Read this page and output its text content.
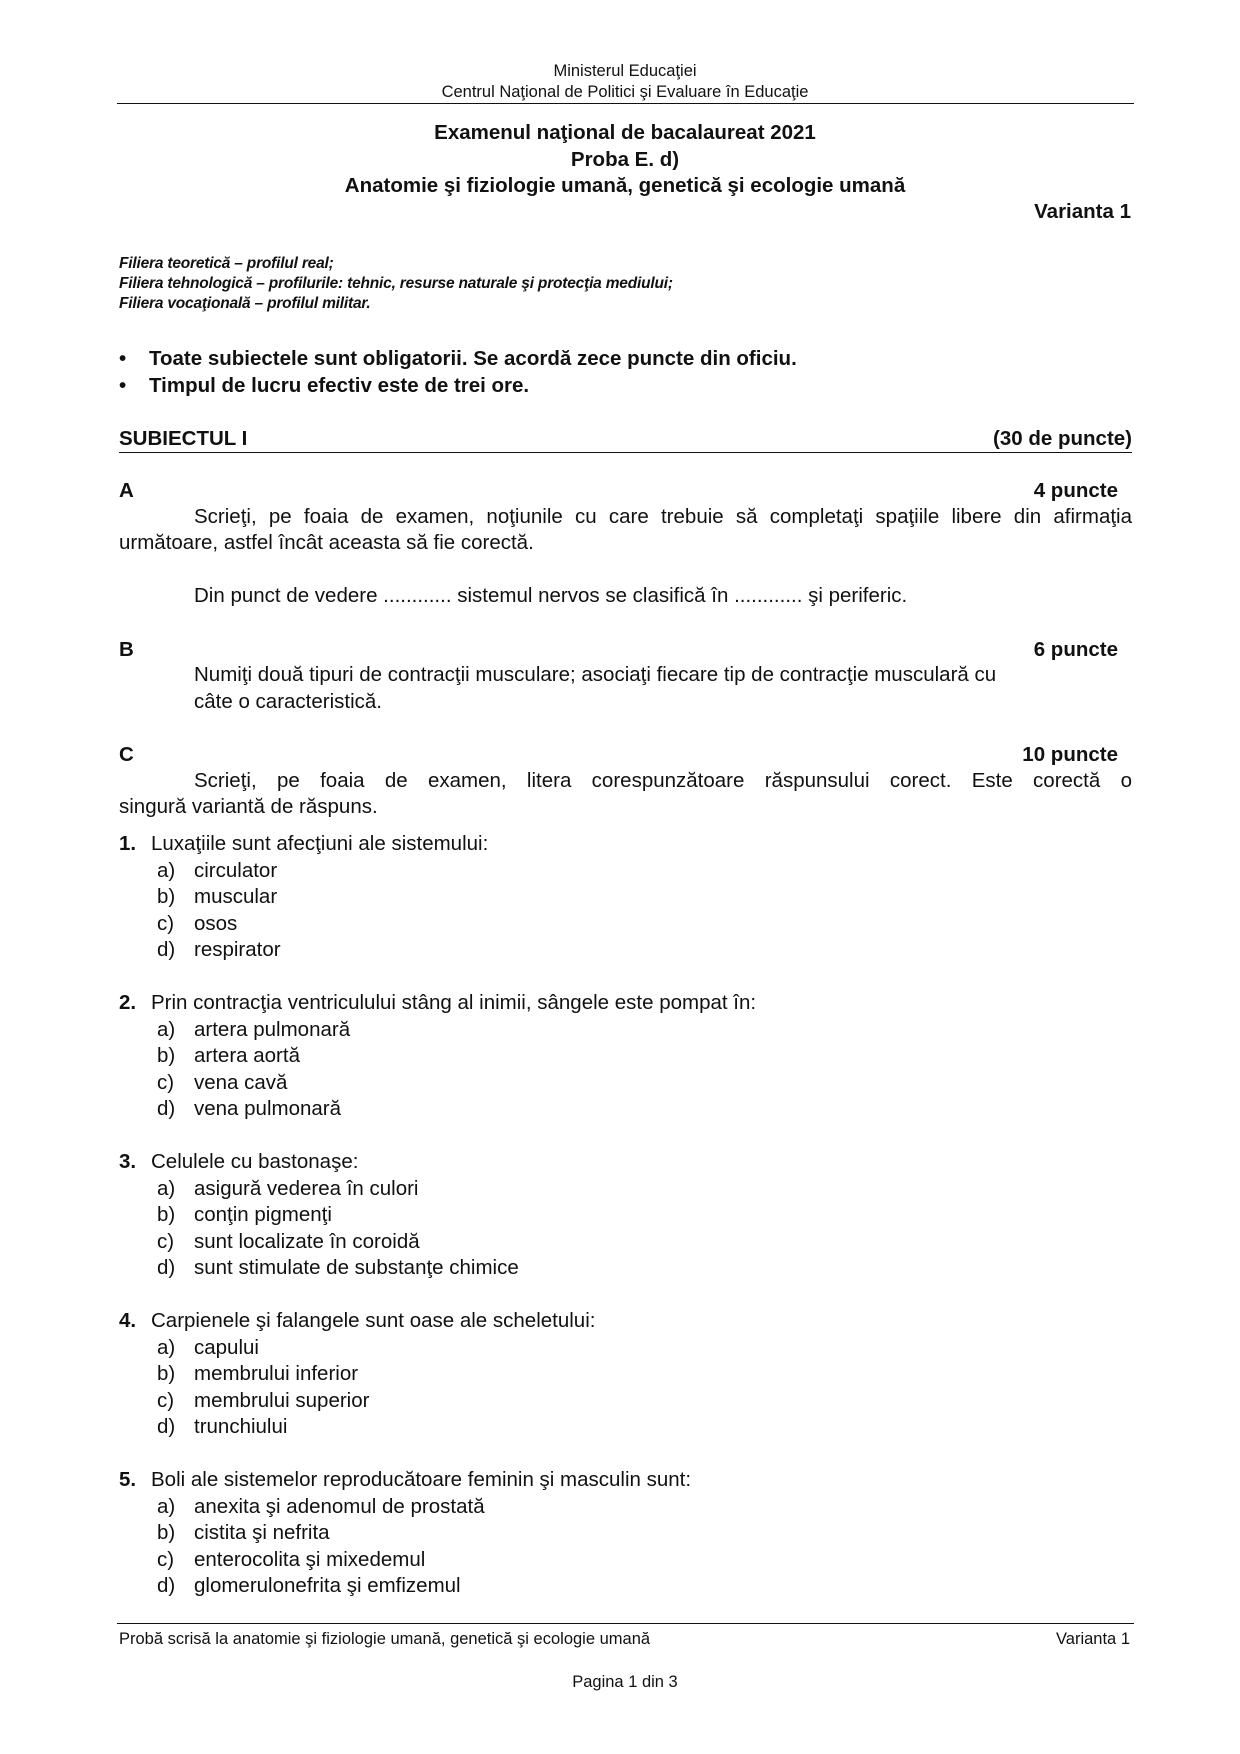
Ministerul Educaţiei
Centrul Naţional de Politici şi Evaluare în Educaţie
Examenul naţional de bacalaureat 2021
Proba E. d)
Anatomie şi fiziologie umană, genetică şi ecologie umană
Varianta 1
Filiera teoretică – profilul real;
Filiera tehnologică – profilurile: tehnic, resurse naturale şi protecţia mediului;
Filiera vocaţională – profilul militar.
• Toate subiectele sunt obligatorii. Se acordă zece puncte din oficiu.
• Timpul de lucru efectiv este de trei ore.
SUBIECTUL I	(30 de puncte)
A	4 puncte
Scrieţi, pe foaia de examen, noţiunile cu care trebuie să completaţi spaţiile libere din afirmaţia
următoare, astfel încât aceasta să fie corectă.
Din punct de vedere ............ sistemul nervos se clasifică în ............ şi periferic.
B	6 puncte
Numiţi două tipuri de contracţii musculare; asociaţi fiecare tip de contracţie musculară cu
câte o caracteristică.
C	10 puncte
Scrieţi, pe foaia de examen, litera corespunzătoare răspunsului corect. Este corectă o
singură variantă de răspuns.
1. Luxaţiile sunt afecţiuni ale sistemului:
a) circulator
b) muscular
c) osos
d) respirator
2. Prin contracţia ventriculului stâng al inimii, sângele este pompat în:
a) artera pulmonară
b) artera aortă
c) vena cavă
d) vena pulmonară
3. Celulele cu bastonaşe:
a) asigură vederea în culori
b) conţin pigmenţi
c) sunt localizate în coroidă
d) sunt stimulate de substanţe chimice
4. Carpienele şi falangele sunt oase ale scheletului:
a) capului
b) membrului inferior
c) membrului superior
d) trunchiului
5. Boli ale sistemelor reproducătoare feminin şi masculin sunt:
a) anexita şi adenomul de prostată
b) cistita şi nefrita
c) enterocolita şi mixedemul
d) glomerulonefrita şi emfizemul
Probă scrisă la anatomie şi fiziologie umană, genetică şi ecologie umană	Varianta 1
Pagina 1 din 3
